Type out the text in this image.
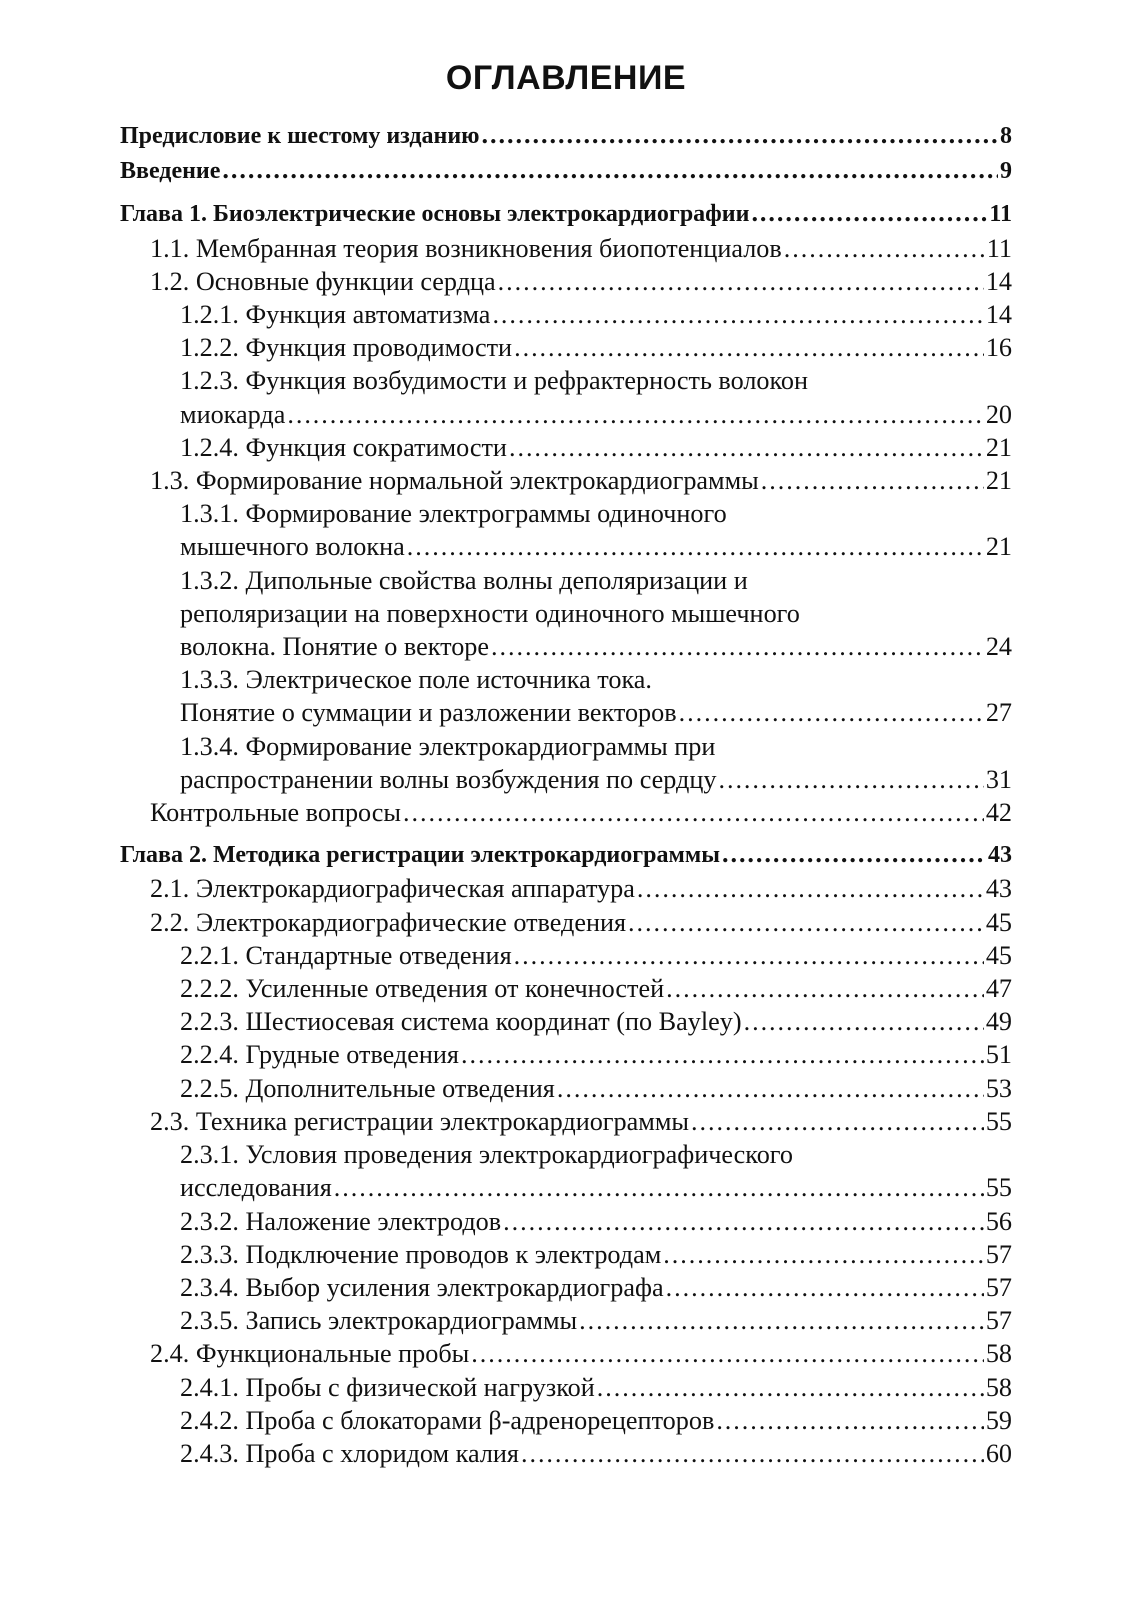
ОГЛАВЛЕНИЕ
Предисловие к шестому изданию . . .	8
Введение . . .	9
Глава 1. Биоэлектрические основы электрокардиографии . . .	11
1.1. Мембранная теория возникновения биопотенциалов . . .	11
1.2. Основные функции сердца . . .	14
1.2.1. Функция автоматизма . . .	14
1.2.2. Функция проводимости . . .	16
1.2.3. Функция возбудимости и рефрактерность волокон
миокарда . . .	20
1.2.4. Функция сократимости . . .	21
1.3. Формирование нормальной электрокардиограммы . . .	21
1.3.1. Формирование электрограммы одиночного
мышечного волокна . . .	21
1.3.2. Дипольные свойства волны деполяризации и
реполяризации на поверхности одиночного мышечного
волокна. Понятие о векторе . . .	24
1.3.3. Электрическое поле источника тока.
Понятие о суммации и разложении векторов . . .	27
1.3.4. Формирование электрокардиограммы при
распространении волны возбуждения по сердцу . . .	31
Контрольные вопросы . . .	42
Глава 2. Методика регистрации электрокардиограммы . . .	43
2.1. Электрокардиографическая аппаратура . . .	43
2.2. Электрокардиографические отведения . . .	45
2.2.1. Стандартные отведения . . .	45
2.2.2. Усиленные отведения от конечностей . . .	47
2.2.3. Шестиосевая система координат (по Bayley) . . .	49
2.2.4. Грудные отведения . . .	51
2.2.5. Дополнительные отведения . . .	53
2.3. Техника регистрации электрокардиограммы . . .	55
2.3.1. Условия проведения электрокардиографического
исследования . . .	55
2.3.2. Наложение электродов . . .	56
2.3.3. Подключение проводов к электродам . . .	57
2.3.4. Выбор усиления электрокардиографа . . .	57
2.3.5. Запись электрокардиограммы . . .	57
2.4. Функциональные пробы . . .	58
2.4.1. Пробы с физической нагрузкой . . .	58
2.4.2. Проба с блокаторами β-адренорецепторов . . .	59
2.4.3. Проба с хлоридом калия . . .	60
